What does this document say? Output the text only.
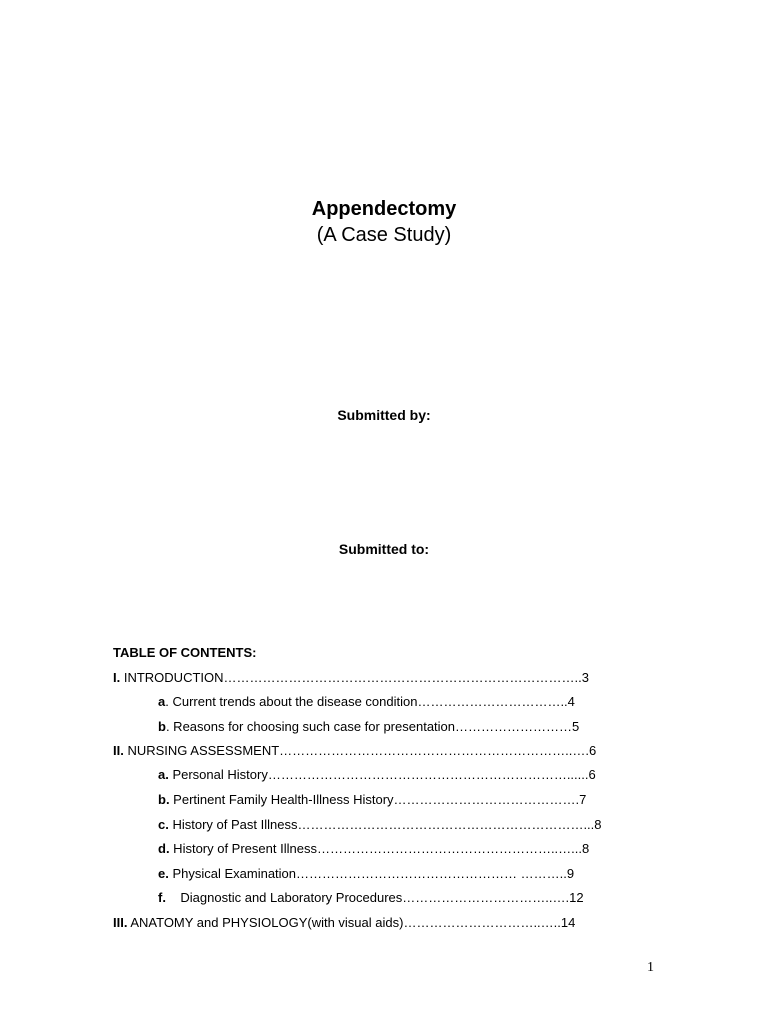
Appendectomy
(A Case Study)
Submitted by:
Submitted to:
TABLE OF CONTENTS:
I. INTRODUCTION………………………………………………………………………..3
a. Current trends about the disease condition……………………………..4
b. Reasons for choosing such case for presentation………………………5
II. NURSING ASSESSMENT…………………………………………………………..….6
a. Personal History……………………………………………………………......6
b. Pertinent Family Health-Illness History…………………………………….7
c. History of Past Illness…………………………………………………………...8
d. History of Present Illness………………………………………………..…...8
e. Physical Examination…………………………………………… ………..9
f.    Diagnostic and Laboratory Procedures……………………………..….12
III. ANATOMY and PHYSIOLOGY(with visual aids)…………………………..…..14
1
